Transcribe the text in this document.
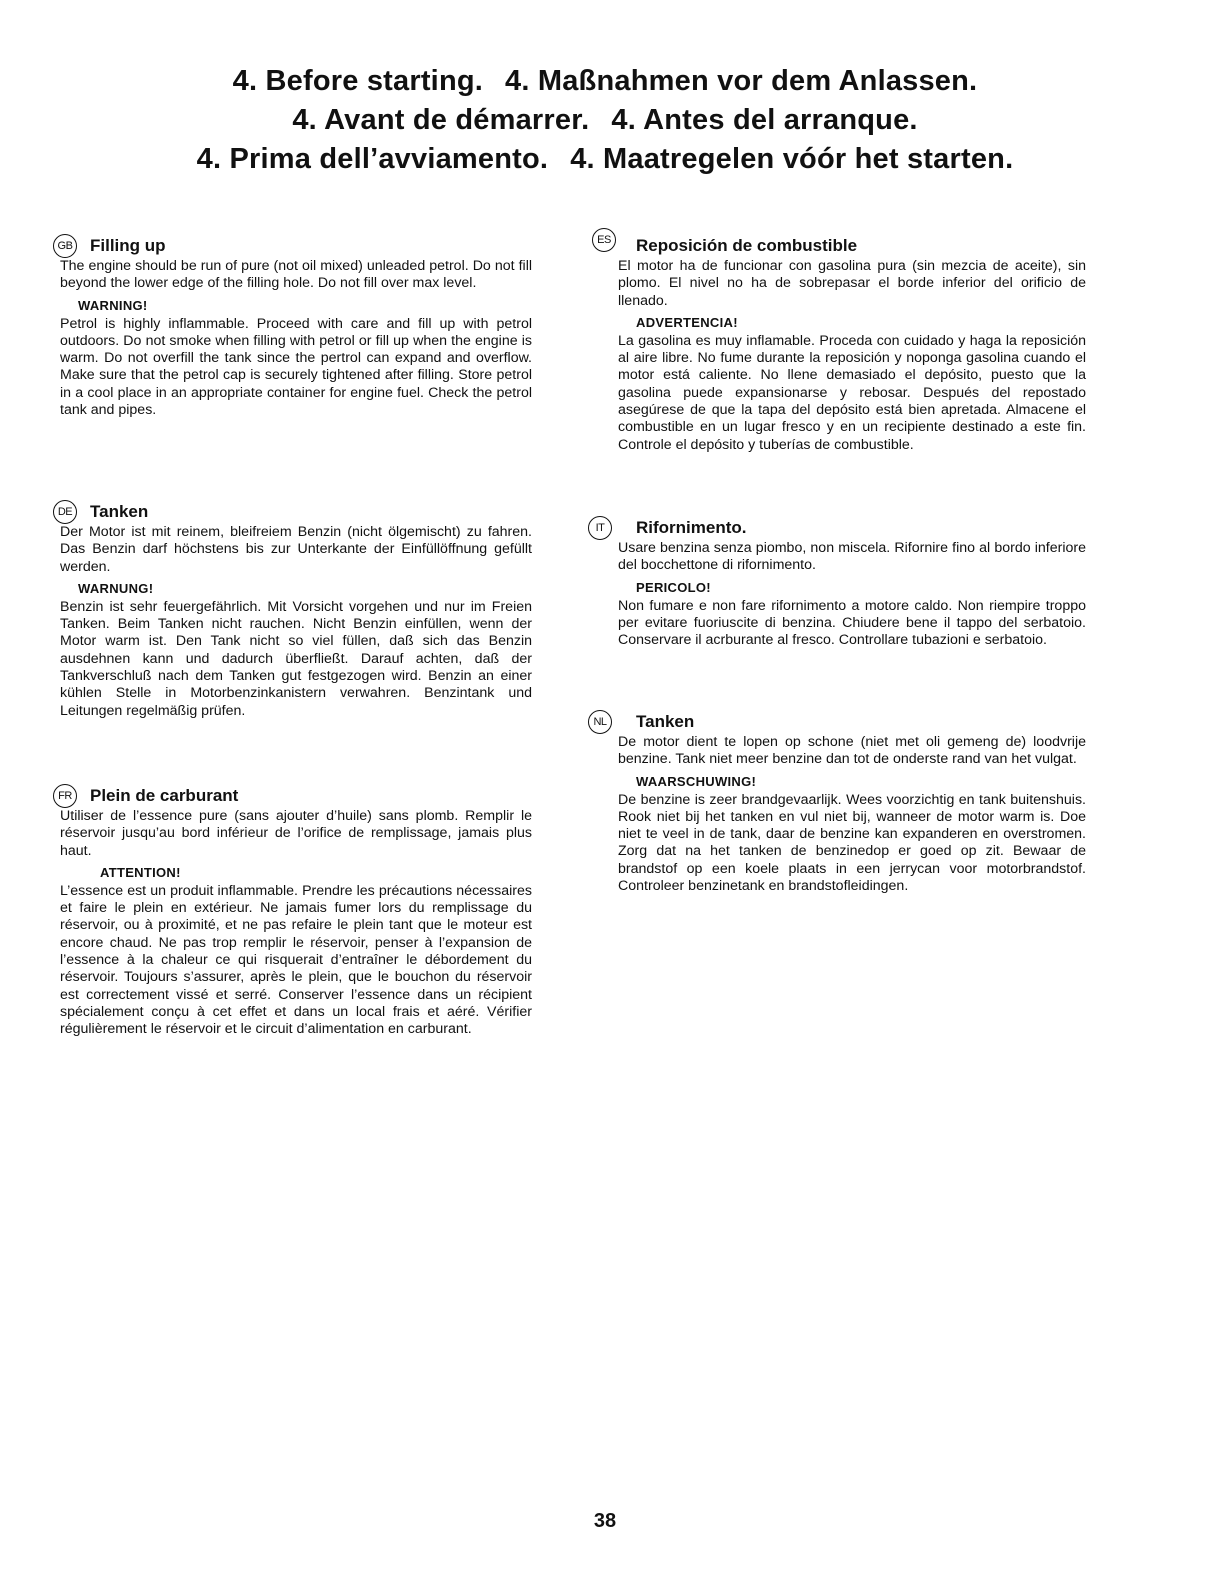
4. Before starting. 4. Maßnahmen vor dem Anlassen.
4. Avant de démarrer. 4. Antes del arranque.
4. Prima dell’avviamento. 4. Maatregelen vóór het starten.
GB Filling up

The engine should be run of pure (not oil mixed) unleaded petrol. Do not fill beyond the lower edge of the filling hole. Do not fill over max level.

WARNING!

Petrol is highly inflammable. Proceed with care and fill up with petrol outdoors. Do not smoke when filling with petrol or fill up when the engine is warm. Do not overfill the tank since the pertrol can expand and overflow. Make sure that the petrol cap is securely tightened after filling. Store petrol in a cool place in an appropriate container for engine fuel. Check the petrol tank and pipes.

DE Tanken

Der Motor ist mit reinem, bleifreiem Benzin (nicht ölgemischt) zu fahren. Das Benzin darf höchstens bis zur Unterkante der Einfüllöffnung gefüllt werden.

WARNUNG!

Benzin ist sehr feuergefährlich. Mit Vorsicht vorgehen und nur im Freien Tanken. Beim Tanken nicht rauchen. Nicht Benzin einfüllen, wenn der Motor warm ist. Den Tank nicht so viel füllen, daß sich das Benzin ausdehnen kann und dadurch überfließt. Darauf achten, daß der Tankverschluß nach dem Tanken gut festgezogen wird. Benzin an einer kühlen Stelle in Motorbenzinkanistern verwahren. Benzintank und Leitungen regelmäßig prüfen.

FR	Plein de carburant

Utiliser de l’essence pure (sans ajouter d’huile) sans plomb. Remplir le réservoir jusqu’au bord inférieur de l’orifice de remplissage, jamais plus haut.

ATTENTION!

L’essence est un produit inflammable. Prendre les précautions nécessaires et faire le plein en extérieur. Ne jamais fumer lors du remplissage du réservoir, ou à proximité, et ne pas refaire le plein tant que le moteur est encore chaud. Ne pas trop remplir le réservoir, penser à l’expansion de l’essence à la chaleur ce qui risquerait d’entraîner le débordement du réservoir. Toujours s’assurer, après le plein, que le bouchon du réservoir est correctement vissé et serré. Conserver l’essence dans un récipient spécialement conçu à cet effet et dans un local frais et aéré. Vérifier régulièrement le réservoir et le circuit d’alimentation en carburant.

ES	Reposición de combustible

El motor ha de funcionar con gasolina pura (sin mezcia de aceite), sin plomo. El nivel no ha de sobrepasar el borde inferior del orificio de llenado.

ADVERTENCIA!

La gasolina es muy inflamable. Proceda con cuidado y haga la reposición al aire libre. No fume durante la reposición y noponga gasolina cuando el motor está caliente. No llene demasiado el depósito, puesto que la gasolina puede expansionarse y rebosar. Después del repostado asegúrese de que la tapa del depósito está bien apretada. Almacene el combustible en un lugar fresco y en un recipiente destinado a este fin. Controle el depósito y tuberías de combustible.

IT	Rifornimento.

Usare benzina senza piombo, non miscela. Rifornire fino al bordo inferiore del bocchettone di rifornimento.

PERICOLO!

Non fumare e non fare rifornimento a motore caldo. Non riempire troppo per evitare fuoriuscite di benzina. Chiudere bene il tappo del serbatoio. Conservare il acrburante al fresco. Controllare tubazioni e serbatoio.

NL	Tanken

De motor dient te lopen op schone (niet met oli gemeng de) loodvrije benzine. Tank niet meer benzine dan tot de onderste rand van het vulgat.

WAARSCHUWING!

De benzine is zeer brandgevaarlijk. Wees voorzichtig en tank buitenshuis. Rook niet bij het tanken en vul niet bij, wanneer de motor warm is. Doe niet te veel in de tank, daar de benzine kan expanderen en overstromen. Zorg dat na het tanken de benzinedop er goed op zit. Bewaar de brandstof op een koele plaats in een jerrycan voor motorbrandstof. Controleer benzinetank en brandstofleidingen.

38
